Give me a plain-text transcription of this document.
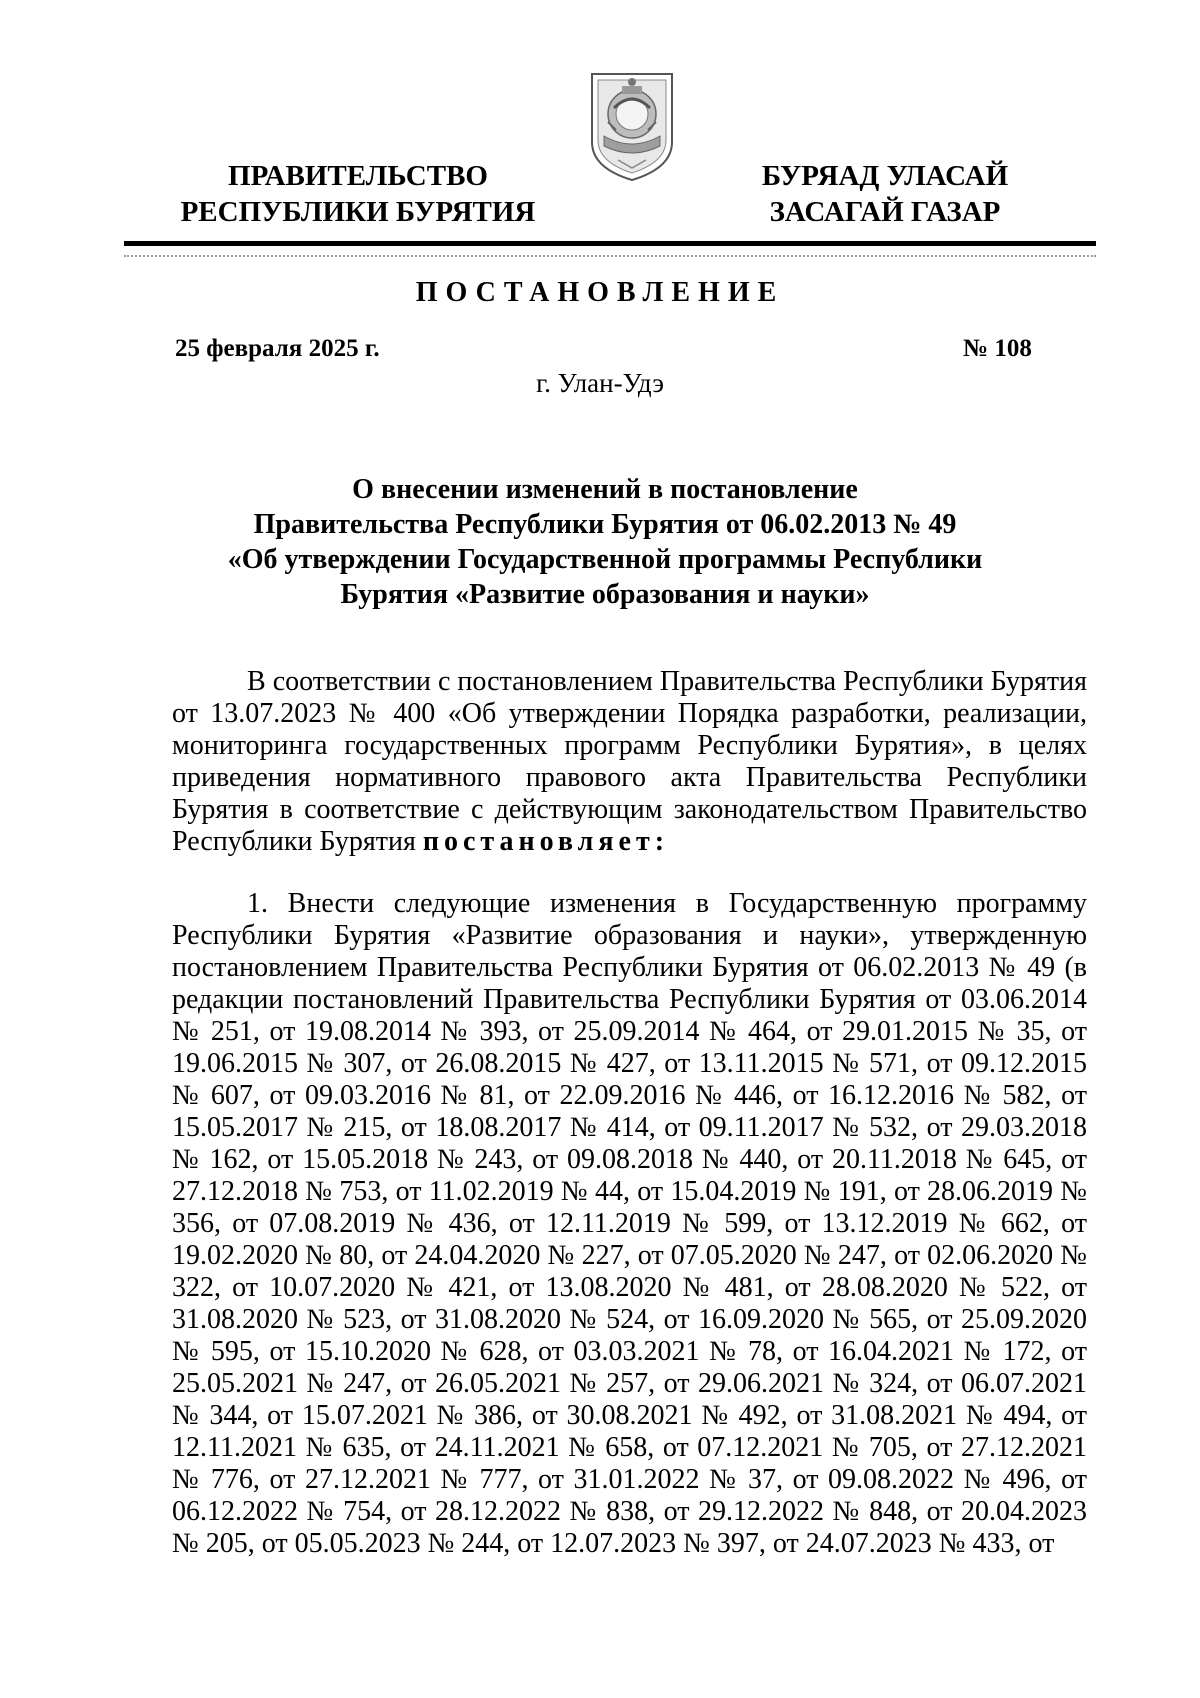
ПРАВИТЕЛЬСТВО
РЕСПУБЛИКИ БУРЯТИЯ
БУРЯАД УЛАСАЙ
ЗАСАГАЙ ГАЗАР
ПОСТАНОВЛЕНИЕ
25 февраля 2025 г.	№ 108
г. Улан-Удэ
О внесении изменений в постановление
Правительства Республики Бурятия от 06.02.2013 № 49
«Об утверждении Государственной программы Республики
Бурятия «Развитие образования и науки»

В соответствии с постановлением Правительства Республики Бурятия от 13.07.2023 № 400 «Об утверждении Порядка разработки, реализации, мониторинга государственных программ Республики Бурятия», в целях приведения нормативного правового акта Правительства Республики Бурятия в соответствие с действующим законодательством Правительство Республики Бурятия постановляет:

1. Внести следующие изменения в Государственную программу Республики Бурятия «Развитие образования и науки», утвержденную постановлением Правительства Республики Бурятия от 06.02.2013 № 49 (в редакции постановлений Правительства Республики Бурятия от 03.06.2014 № 251, от 19.08.2014 № 393, от 25.09.2014 № 464, от 29.01.2015 № 35, от 19.06.2015 № 307, от 26.08.2015 № 427, от 13.11.2015 № 571, от 09.12.2015 № 607, от 09.03.2016 № 81, от 22.09.2016 № 446, от 16.12.2016 № 582, от 15.05.2017 № 215, от 18.08.2017 № 414, от 09.11.2017 № 532, от 29.03.2018 № 162, от 15.05.2018 № 243, от 09.08.2018 № 440, от 20.11.2018 № 645, от 27.12.2018 № 753, от 11.02.2019 № 44, от 15.04.2019 № 191, от 28.06.2019 № 356, от 07.08.2019 № 436, от 12.11.2019 № 599, от 13.12.2019 № 662, от 19.02.2020 № 80, от 24.04.2020 № 227, от 07.05.2020 № 247, от 02.06.2020 № 322, от 10.07.2020 № 421, от 13.08.2020 № 481, от 28.08.2020 № 522, от 31.08.2020 № 523, от 31.08.2020 № 524, от 16.09.2020 № 565, от 25.09.2020 № 595, от 15.10.2020 № 628, от 03.03.2021 № 78, от 16.04.2021 № 172, от 25.05.2021 № 247, от 26.05.2021 № 257, от 29.06.2021 № 324, от 06.07.2021 № 344, от 15.07.2021 № 386, от 30.08.2021 № 492, от 31.08.2021 № 494, от 12.11.2021 № 635, от 24.11.2021 № 658, от 07.12.2021 № 705, от 27.12.2021 № 776, от 27.12.2021 № 777, от 31.01.2022 № 37, от 09.08.2022 № 496, от 06.12.2022 № 754, от 28.12.2022 № 838, от 29.12.2022 № 848, от 20.04.2023 № 205, от 05.05.2023 № 244, от 12.07.2023 № 397, от 24.07.2023 № 433, от
